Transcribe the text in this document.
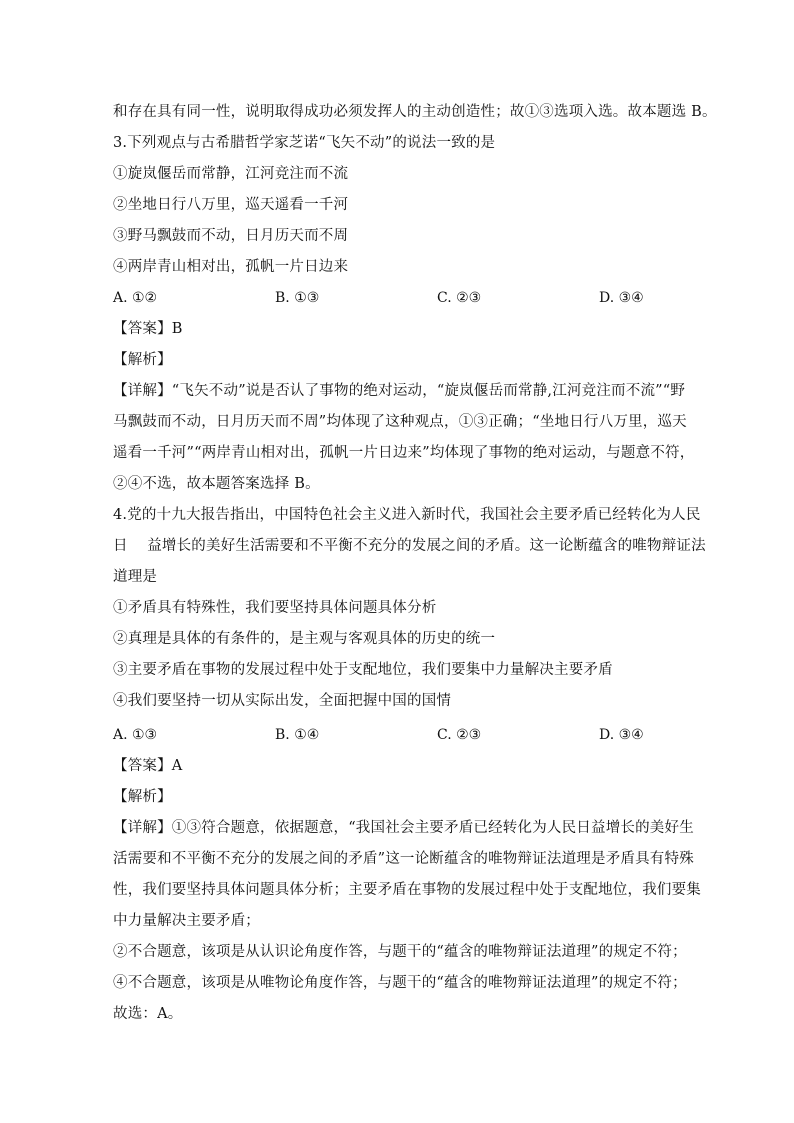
和存在具有同一性，说明取得成功必须发挥人的主动创造性；故①③选项入选。故本题选 B。
3.下列观点与古希腊哲学家芝诺“飞矢不动”的说法一致的是
①旋岚偃岳而常静，江河竞注而不流
②坐地日行八万里，巡天遥看一千河
③野马飘鼓而不动，日月历天而不周
④两岸青山相对出，孤帆一片日边来
A. ①②	B. ①③	C. ②③	D. ③④
【答案】B
【解析】
【详解】“飞矢不动”说是否认了事物的绝对运动，“旋岚偃岳而常静,江河竞注而不流”“野
马飘鼓而不动，日月历天而不周”均体现了这种观点，①③正确；“坐地日行八万里，巡天
遥看一千河”“两岸青山相对出，孤帆一片日边来”均体现了事物的绝对运动，与题意不符，
②④不选，故本题答案选择 B。
4.党的十九大报告指出，中国特色社会主义进入新时代，我国社会主要矛盾已经转化为人民
日　 益增长的美好生活需要和不平衡不充分的发展之间的矛盾。这一论断蕴含的唯物辩证法
道理是
①矛盾具有特殊性，我们要坚持具体问题具体分析
②真理是具体的有条件的，是主观与客观具体的历史的统一
③主要矛盾在事物的发展过程中处于支配地位，我们要集中力量解决主要矛盾
④我们要坚持一切从实际出发，全面把握中国的国情
A. ①③	B. ①④	C. ②③	D. ③④
【答案】A
【解析】
【详解】①③符合题意，依据题意，“我国社会主要矛盾已经转化为人民日益增长的美好生
活需要和不平衡不充分的发展之间的矛盾”这一论断蕴含的唯物辩证法道理是矛盾具有特殊
性，我们要坚持具体问题具体分析；主要矛盾在事物的发展过程中处于支配地位，我们要集
中力量解决主要矛盾；
②不合题意，该项是从认识论角度作答，与题干的“蕴含的唯物辩证法道理”的规定不符；
④不合题意，该项是从唯物论角度作答，与题干的“蕴含的唯物辩证法道理”的规定不符；
故选：A。
